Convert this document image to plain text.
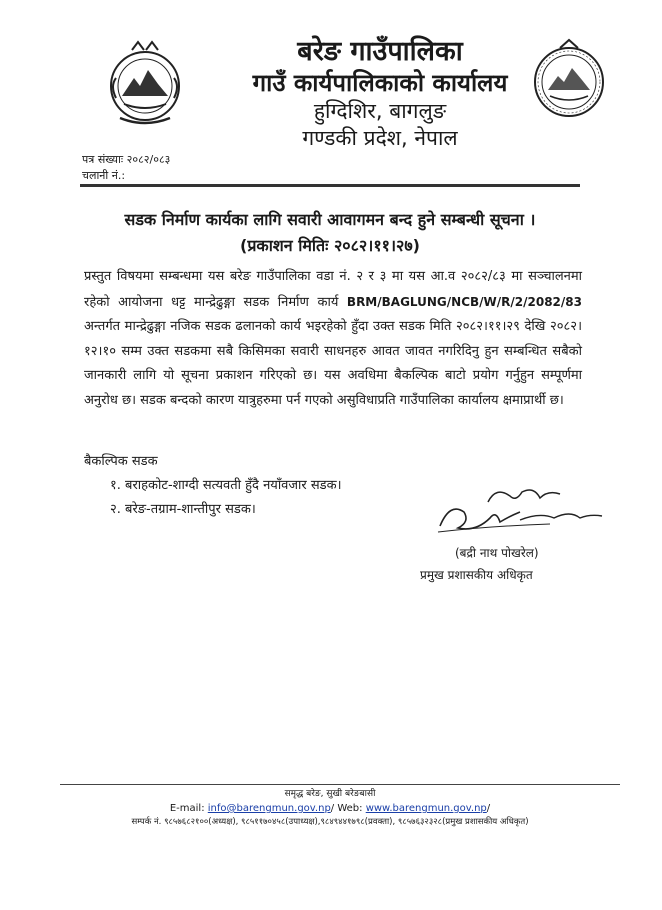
बरेङ गाउँपालिका
गाउँ कार्यपालिकाको कार्यालय
हुग्दिशिर, बागलुङ
गण्डकी प्रदेश, नेपाल
पत्र संख्याः २०८२/०८३
चलानी नं.:
सडक निर्माण कार्यका लागि सवारी आवागमन बन्द हुने सम्बन्धी सूचना ।
(प्रकाशन मितिः २०८२।११।२७)
प्रस्तुत विषयमा सम्बन्धमा यस बरेङ गाउँपालिका वडा नं. २ र ३ मा यस आ.व २०८२/८३ मा सञ्चालनमा रहेको आयोजना धट्ट मान्द्रेढुङ्गा सडक निर्माण कार्य BRM/BAGLUNG/NCB/W/R/2/2082/83 अन्तर्गत मान्द्रेढुङ्गा नजिक सडक ढलानको कार्य भइरहेको हुँदा उक्त सडक मिति २०८२।११।२९ देखि २०८२।१२।१० सम्म उक्त सडकमा सबै किसिमका सवारी साधनहरु आवत जावत नगरिदिनु हुन सम्बन्धित सबैको जानकारी लागि यो सूचना प्रकाशन गरिएको छ। यस अवधिमा बैकल्पिक बाटो प्रयोग गर्नुहुन सम्पूर्णमा अनुरोध छ। सडक बन्दको कारण यात्रुहरुमा पर्न गएको असुविधाप्रति गाउँपालिका कार्यालय क्षमाप्रार्थी छ।
बैकल्पिक सडक
१. बराहकोट-शाग्दी सत्यवती हुँदै नयाँवजार सडक।
२. बरेङ-तग्राम-शान्तीपुर सडक।
(बद्री नाथ पोखरेल)
प्रमुख प्रशासकीय अधिकृत
समृद्ध बरेङ, सुखी बरेङबासी
E-mail: info@barengmun.gov.np/ Web: www.barengmun.gov.np/
सम्पर्क नं. ९८५७६८२१००(अध्यक्ष), ९८५११७०४५८(उपाध्यक्ष),९८४९४४१७९८(प्रवक्ता), ९८५७६३२३२८(प्रमुख प्रशासकीय अधिकृत)
